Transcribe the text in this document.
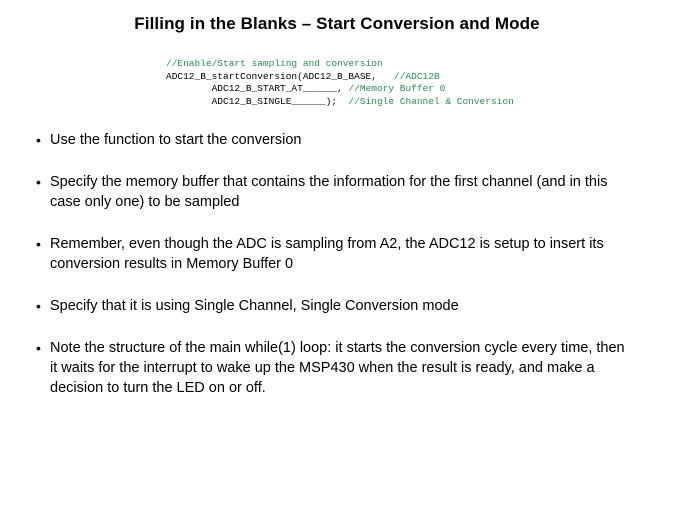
Filling in the Blanks – Start Conversion and Mode
//Enable/Start sampling and conversion
ADC12_B_startConversion(ADC12_B_BASE,   //ADC12B
ADC12_B_START_AT______, //Memory Buffer 0
ADC12_B_SINGLE______);  //Single Channel & Conversion
• Use the function to start the conversion
• Specify the memory buffer that contains the information for the first channel (and in this case only one) to be sampled
• Remember, even though the ADC is sampling from A2, the ADC12 is setup to insert its conversion results in Memory Buffer 0
• Specify that it is using Single Channel, Single Conversion mode
• Note the structure of the main while(1) loop: it starts the conversion cycle every time, then it waits for the interrupt to wake up the MSP430 when the result is ready, and make a decision to turn the LED on or off.
